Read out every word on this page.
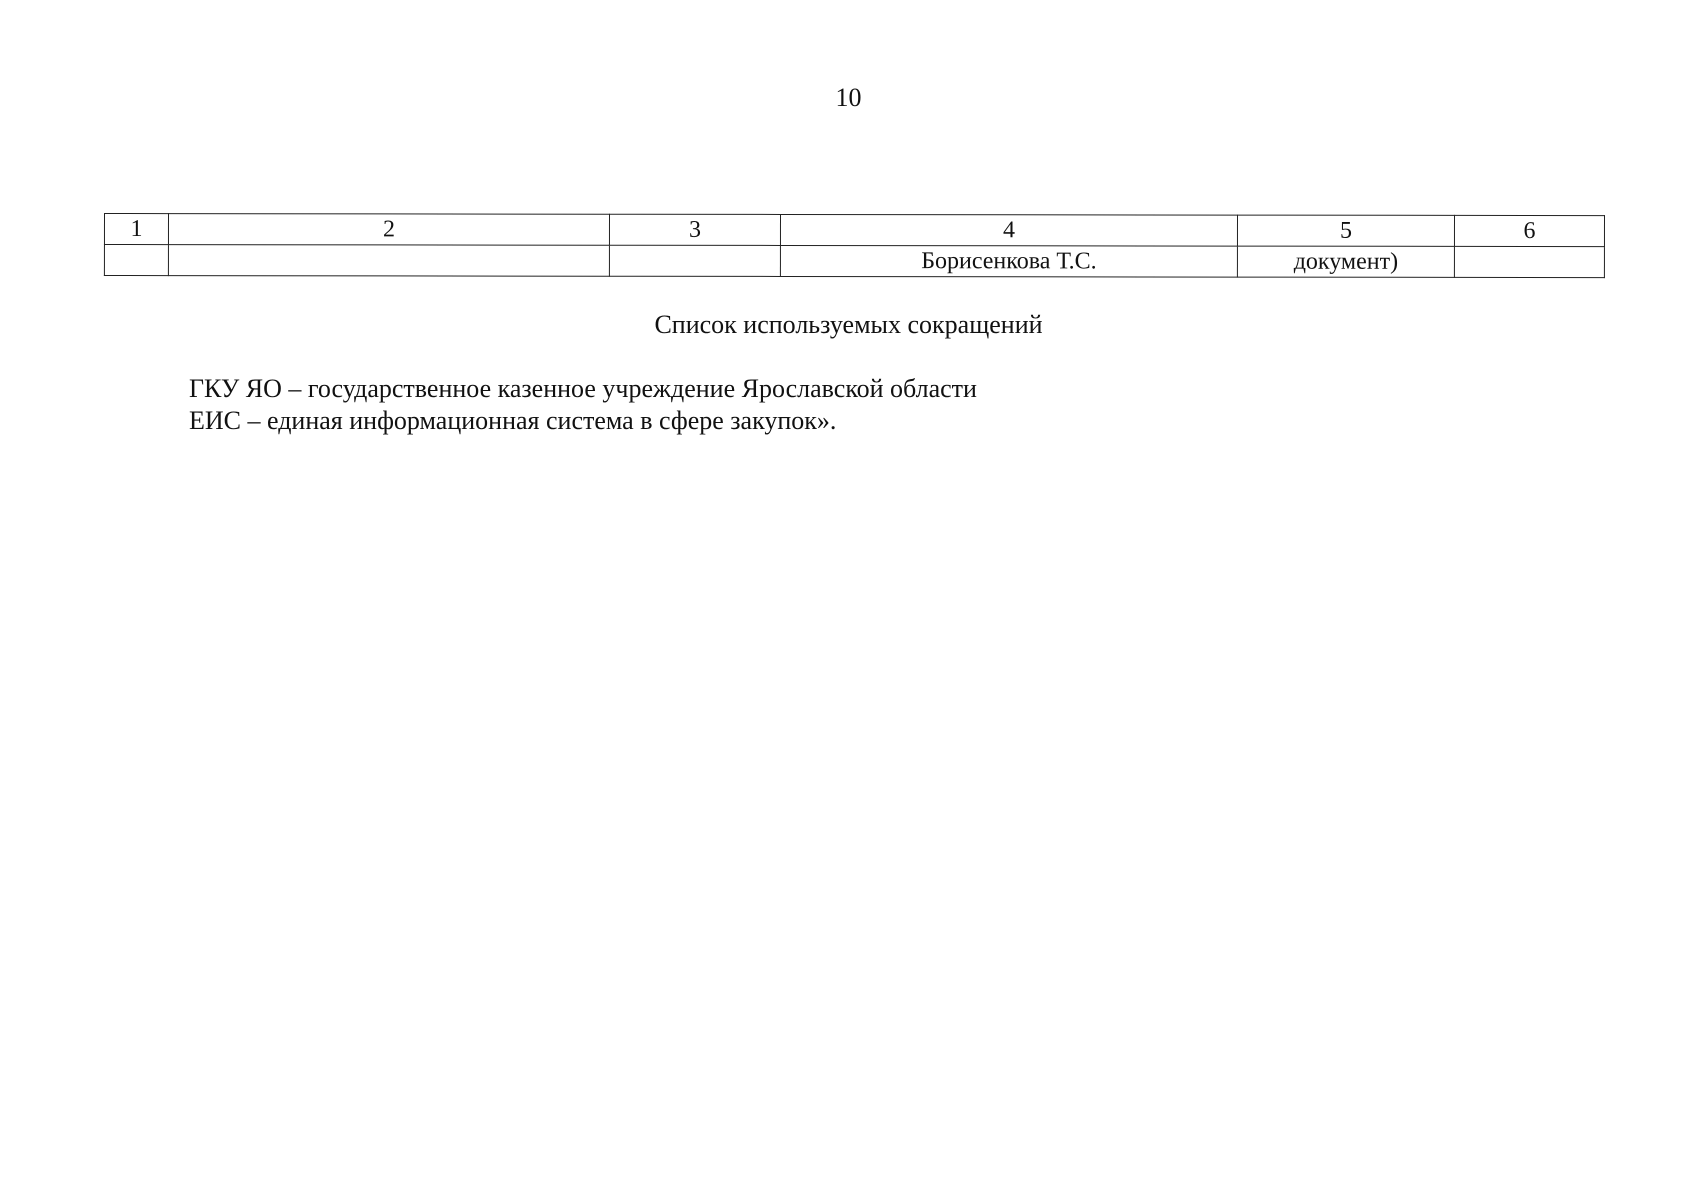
10
1	2	3	4	5	6
			Борисенкова Т.С.	документ)	
Список используемых сокращений
ГКУ ЯО – государственное казенное учреждение Ярославской области
ЕИС – единая информационная система в сфере закупок».
